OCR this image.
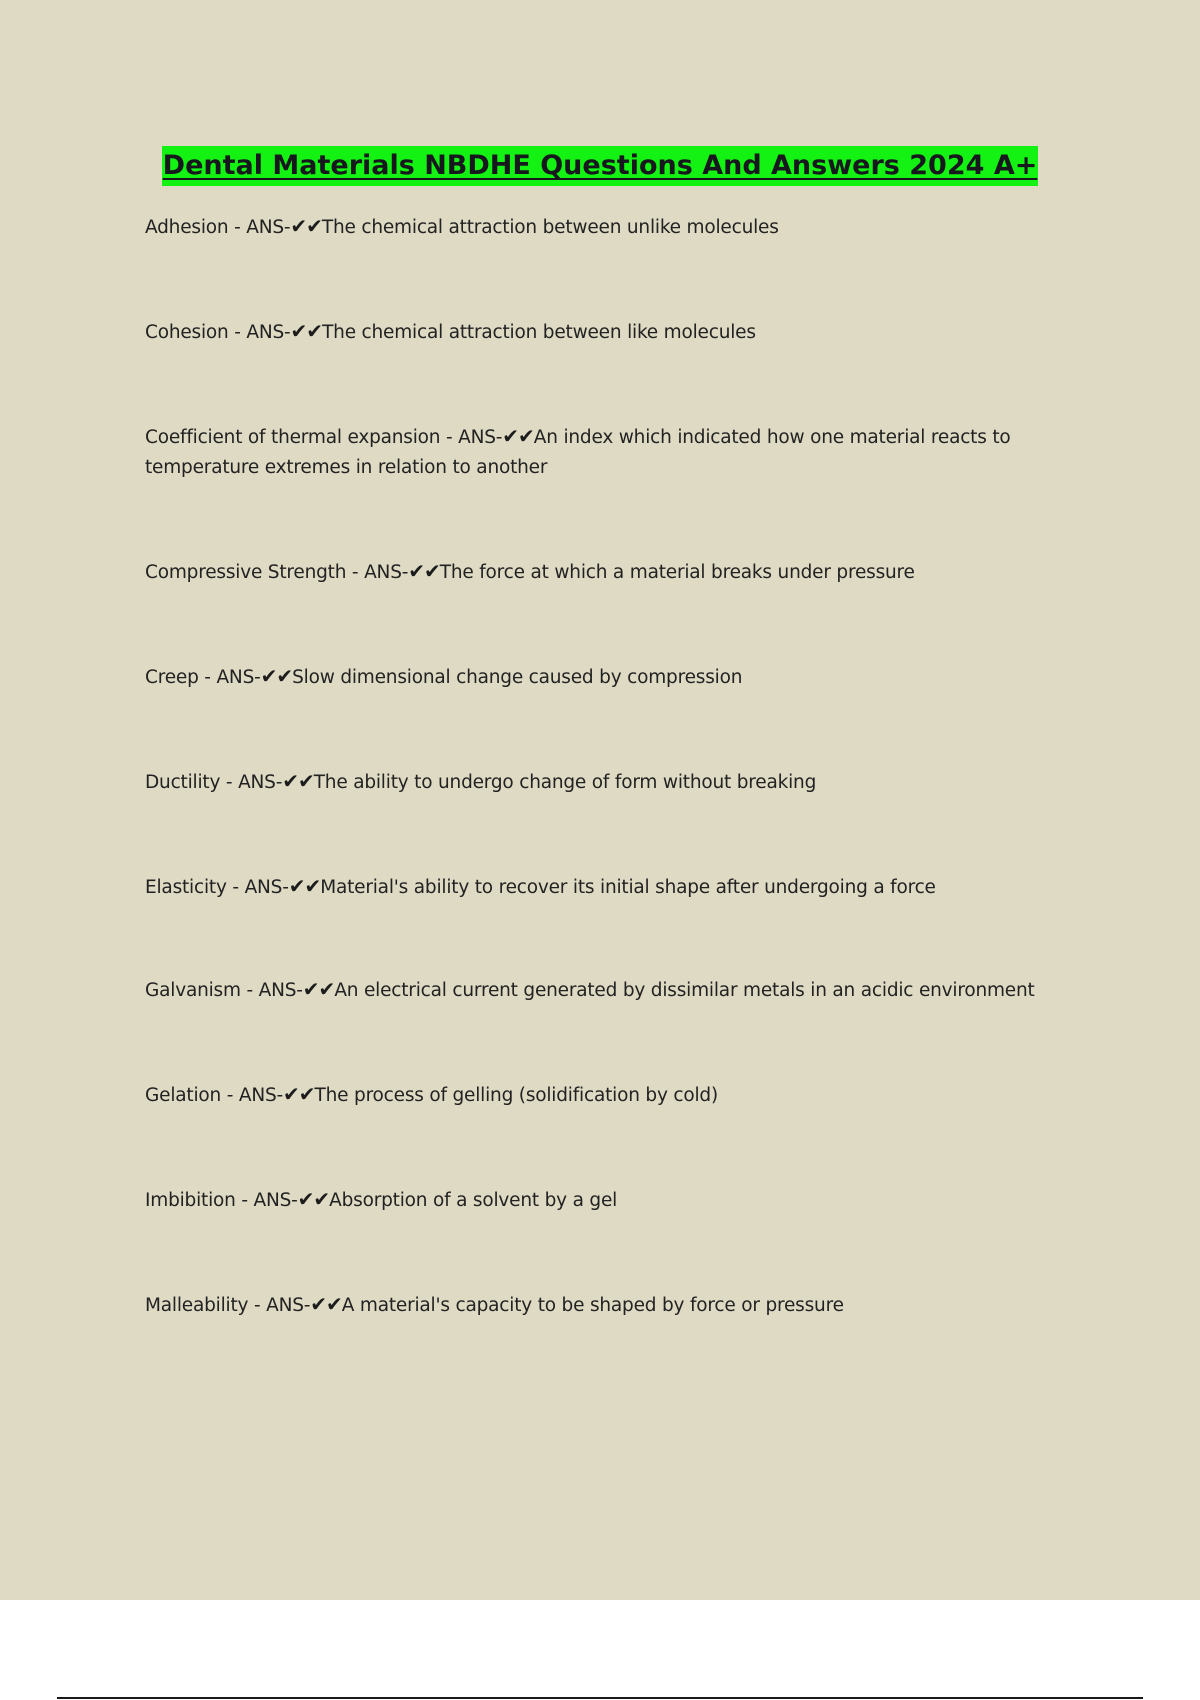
Dental Materials NBDHE Questions And Answers 2024 A+
Adhesion - ANS-✔✔The chemical attraction between unlike molecules
Cohesion - ANS-✔✔The chemical attraction between like molecules
Coefficient of thermal expansion - ANS-✔✔An index which indicated how one material reacts to temperature extremes in relation to another
Compressive Strength - ANS-✔✔The force at which a material breaks under pressure
Creep - ANS-✔✔Slow dimensional change caused by compression
Ductility - ANS-✔✔The ability to undergo change of form without breaking
Elasticity - ANS-✔✔Material's ability to recover its initial shape after undergoing a force
Galvanism - ANS-✔✔An electrical current generated by dissimilar metals in an acidic environment
Gelation - ANS-✔✔The process of gelling (solidification by cold)
Imbibition - ANS-✔✔Absorption of a solvent by a gel
Malleability - ANS-✔✔A material's capacity to be shaped by force or pressure
